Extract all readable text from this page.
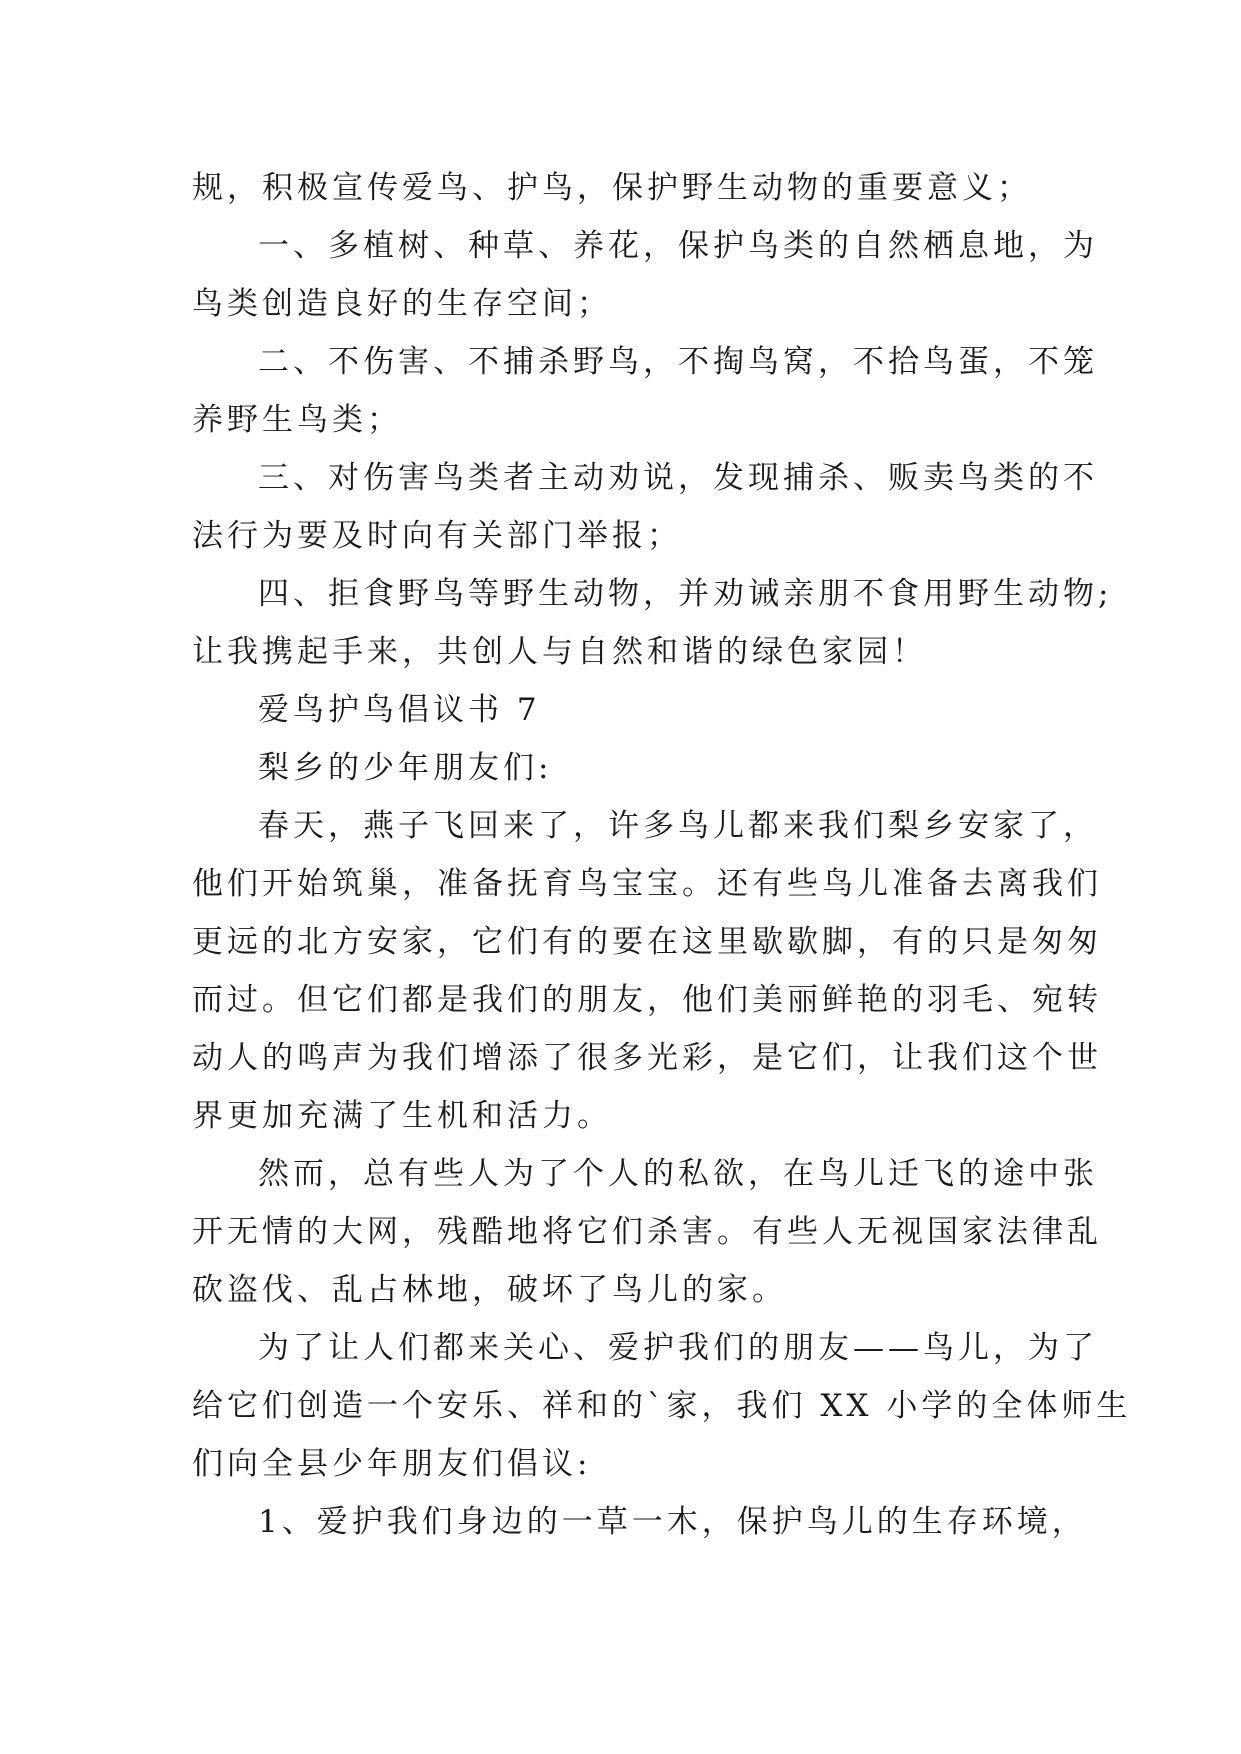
规，积极宣传爱鸟、护鸟，保护野生动物的重要意义；
一、多植树、种草、养花，保护鸟类的自然栖息地，为
鸟类创造良好的生存空间；
二、不伤害、不捕杀野鸟，不掏鸟窝，不拾鸟蛋，不笼
养野生鸟类；
三、对伤害鸟类者主动劝说，发现捕杀、贩卖鸟类的不
法行为要及时向有关部门举报；
四、拒食野鸟等野生动物，并劝诫亲朋不食用野生动物;
让我携起手来，共创人与自然和谐的绿色家园！
爱鸟护鸟倡议书 7
梨乡的少年朋友们:
春天，燕子飞回来了，许多鸟儿都来我们梨乡安家了，
他们开始筑巢，准备抚育鸟宝宝。还有些鸟儿准备去离我们
更远的北方安家，它们有的要在这里歇歇脚，有的只是匆匆
而过。但它们都是我们的朋友，他们美丽鲜艳的羽毛、宛转
动人的鸣声为我们增添了很多光彩，是它们，让我们这个世
界更加充满了生机和活力。
然而，总有些人为了个人的私欲，在鸟儿迁飞的途中张
开无情的大网，残酷地将它们杀害。有些人无视国家法律乱
砍盗伐、乱占林地，破坏了鸟儿的家。
为了让人们都来关心、爱护我们的朋友——鸟儿，为了
给它们创造一个安乐、祥和的`家，我们 XX 小学的全体师生
们向全县少年朋友们倡议:
1、爱护我们身边的一草一木，保护鸟儿的生存环境，
